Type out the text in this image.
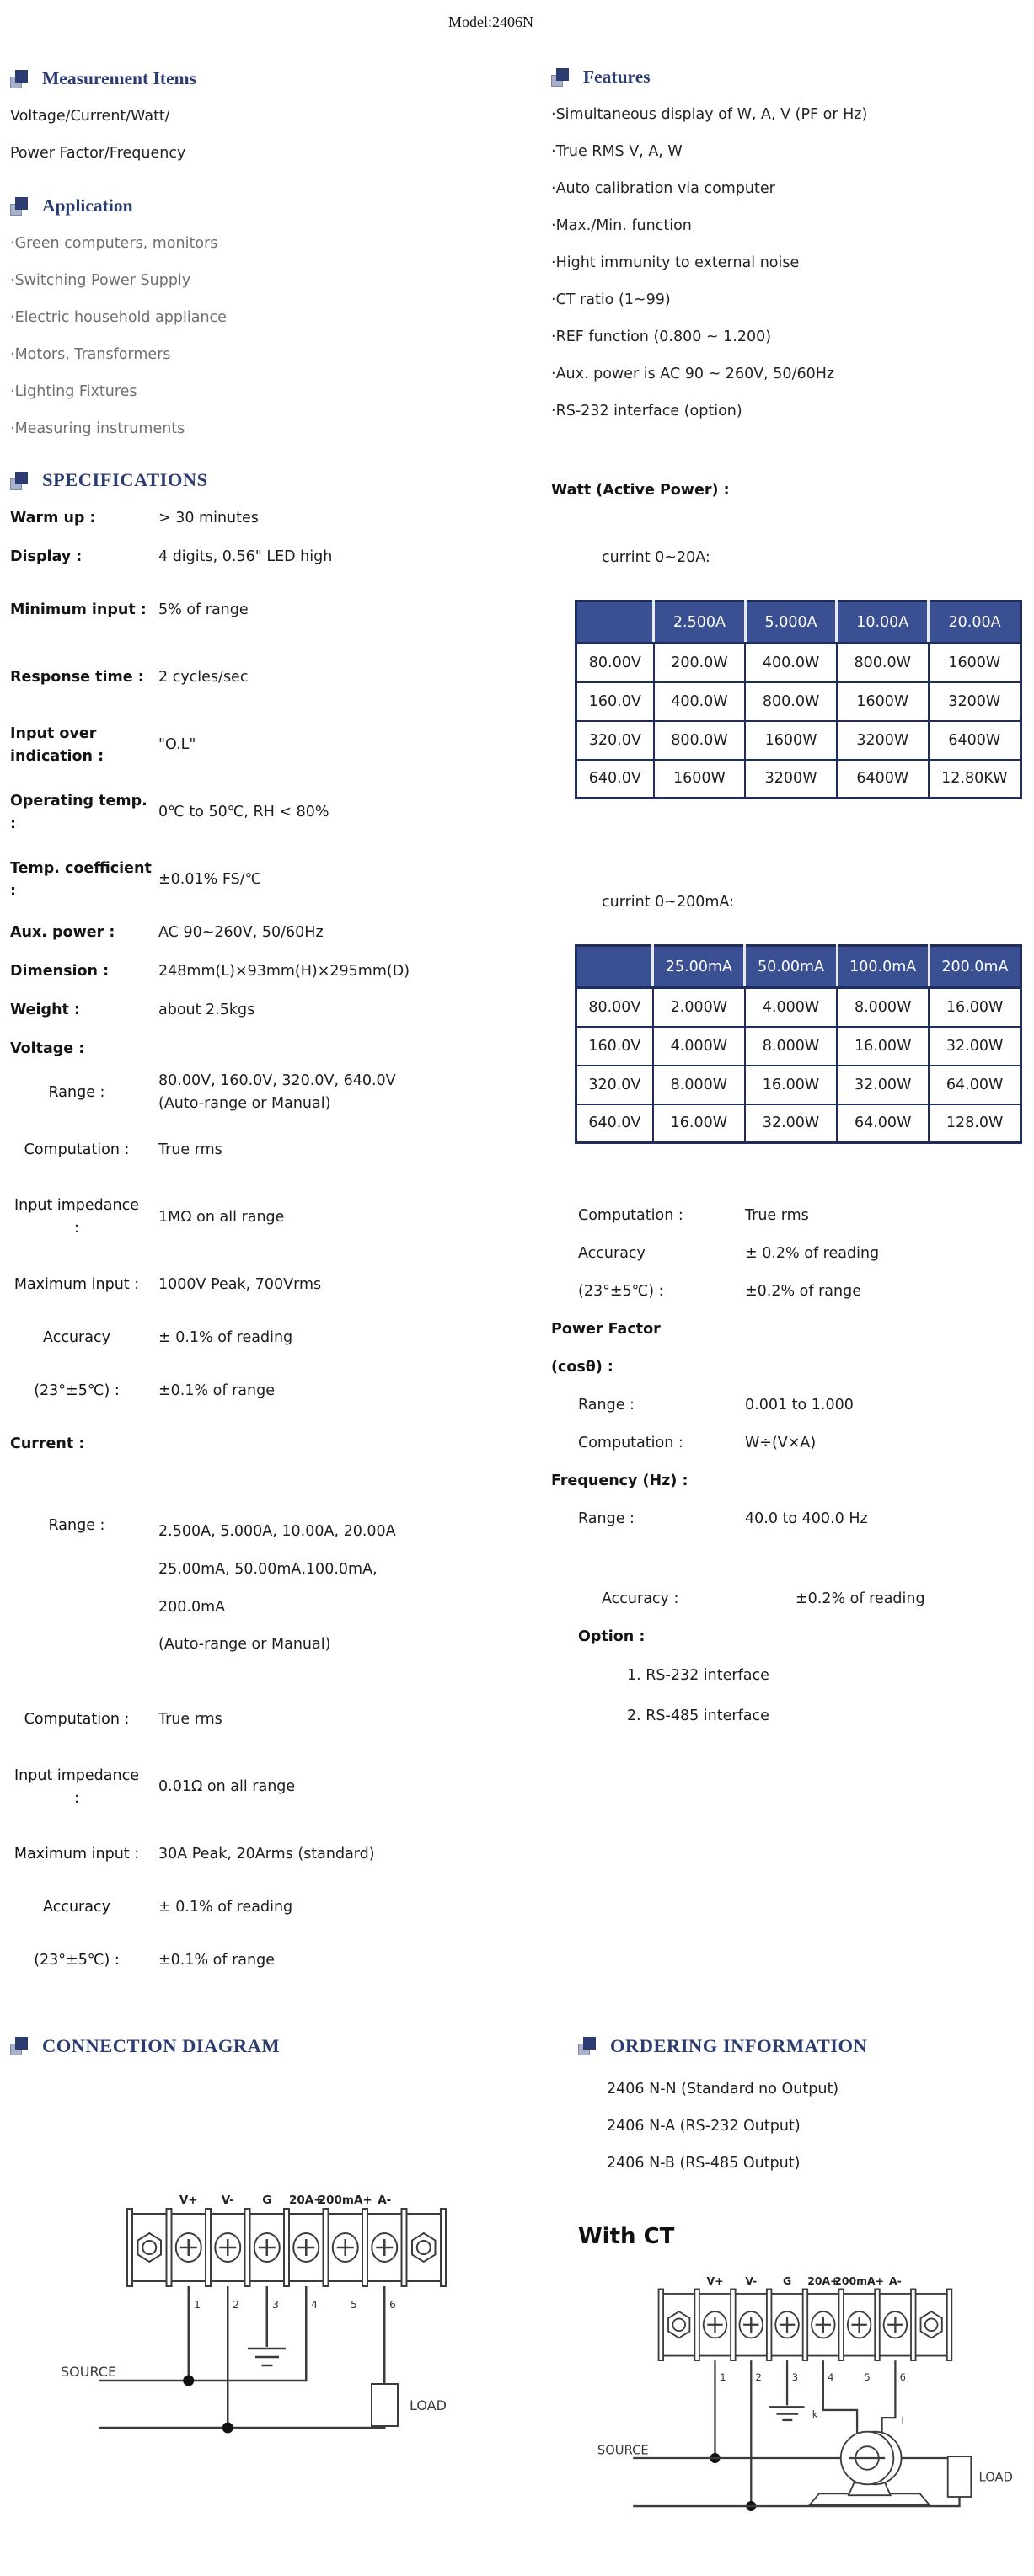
Model:2406N
Measurement Items
Voltage/Current/Watt/
Power Factor/Frequency
Application
·Green computers, monitors
·Switching Power Supply
·Electric household appliance
·Motors, Transformers
·Lighting Fixtures
·Measuring instruments
SPECIFICATIONS
Warm up :	> 30 minutes
Display :	4 digits, 0.56" LED high
Minimum input : 5% of range
Response time : 2 cycles/sec
Input over indication :
"O.L"
Operating temp. :
0℃ to 50℃, RH < 80%
Temp. coefficient :
±0.01% FS/℃
Aux. power :	AC 90~260V, 50/60Hz
Dimension :	248mm(L)×93mm(H)×295mm(D)
Weight :	about 2.5kgs
Voltage :
Range :
80.00V, 160.0V, 320.0V, 640.0V
(Auto-range or Manual)
Computation :	True rms
Input impedance :
1MΩ on all range
Maximum input :	1000V Peak, 700Vrms
Accuracy	± 0.1% of reading
(23°±5℃) :	±0.1% of range
Current :
Range :	2.500A, 5.000A, 10.00A, 20.00A
25.00mA, 50.00mA,100.0mA,
200.0mA
(Auto-range or Manual)
Computation :	True rms
Input impedance :
0.01Ω on all range
Maximum input :	30A Peak, 20Arms (standard)
Accuracy	± 0.1% of reading
(23°±5℃) :	±0.1% of range
Features
·Simultaneous display of W, A, V (PF or Hz)
·True RMS V, A, W
·Auto calibration via computer
·Max./Min. function
·Hight immunity to external noise
·CT ratio (1~99)
·REF function (0.800 ~ 1.200)
·Aux. power is AC 90 ~ 260V, 50/60Hz
·RS-232 interface (option)
Watt (Active Power) :
currint 0~20A:
	2.500A	5.000A	10.00A	20.00A
80.00V	200.0W	400.0W	800.0W	1600W
160.0V	400.0W	800.0W	1600W	3200W
320.0V	800.0W	1600W	3200W	6400W
640.0V	1600W	3200W	6400W	12.80KW
currint 0~200mA:
	25.00mA	50.00mA	100.0mA	200.0mA
80.00V	2.000W	4.000W	8.000W	16.00W
160.0V	4.000W	8.000W	16.00W	32.00W
320.0V	8.000W	16.00W	32.00W	64.00W
640.0V	16.00W	32.00W	64.00W	128.0W
Computation :	True rms
Accuracy	± 0.2% of reading
(23°±5℃) :	±0.2% of range
Power Factor
(cosθ) :
Range :	0.001 to 1.000
Computation :	W÷(V×A)
Frequency (Hz) :
Range :	40.0 to 400.0 Hz
Accuracy :	±0.2% of reading
Option :
1. RS-232 interface
2. RS-485 interface
CONNECTION DIAGRAM
V+ V- G 20A+
200mA+ A-
1	2	3	4	5	6
SOURCE
LOAD
ORDERING INFORMATION
2406 N-N (Standard no Output)
2406 N-A (RS-232 Output)
2406 N-B (RS-485 Output)
With CT
V+ V- G 20A+
200mA+ A-
1	2	3	4	5	6
SOURCE
k
l
LOAD
